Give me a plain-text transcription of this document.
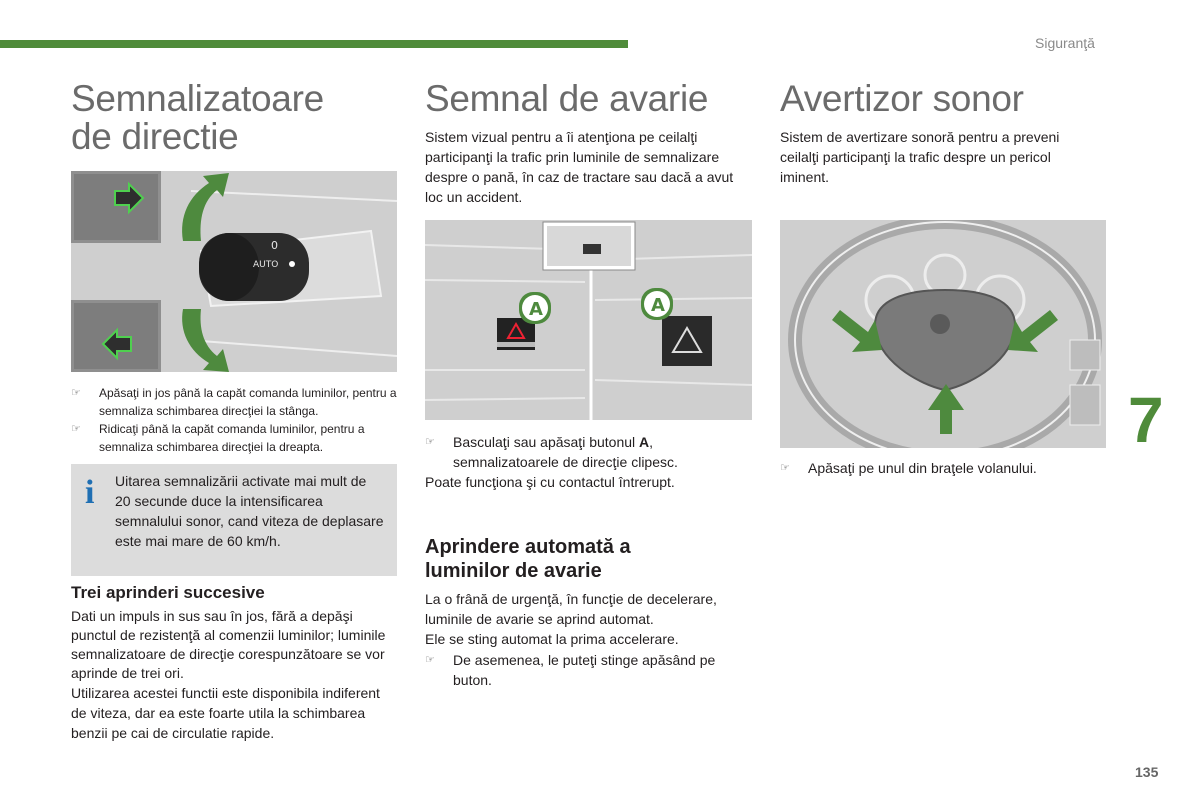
Siguranţă
7
135
Semnalizatoare
de directie
0
AUTO
☞ Apăsaţi in jos până la capăt comanda luminilor, pentru a semnaliza schimbarea direcţiei la stânga.
☞ Ridicaţi până la capăt comanda luminilor, pentru a semnaliza schimbarea direcţiei la dreapta.
i Uitarea semnalizării activate mai mult de 20 secunde duce la intensificarea semnalului sonor, cand viteza de deplasare este mai mare de 60 km/h.
Trei aprinderi succesive

Dati un impuls in sus sau în jos, fără a depăşi punctul de rezistenţă al comenzii luminilor; luminile semnalizatoare de direcţie corespunzătoare se vor aprinde de trei ori.

Utilizarea acestei functii este disponibila indiferent de viteza, dar ea este foarte utila la schimbarea benzii pe cai de circulatie rapide.

Semnal de avarie

Sistem vizual pentru a îi atenţiona pe ceilalţi participanţi la trafic prin luminile de semnalizare despre o pană, în caz de tractare sau dacă a avut loc un accident.

A	A
☞ Basculaţi sau apăsaţi butonul A, semnalizatoarele de direcţie clipesc.

Poate funcţiona şi cu contactul întrerupt.

Aprindere automată a
luminilor de avarie

La o frână de urgenţă, în funcţie de decelerare, luminile de avarie se aprind automat.

Ele se sting automat la prima accelerare.

☞ De asemenea, le puteţi stinge apăsând pe buton.
Avertizor sonor

Sistem de avertizare sonoră pentru a preveni ceilalţi participanţi la trafic despre un pericol iminent.

☞ Apăsaţi pe unul din braţele volanului.
